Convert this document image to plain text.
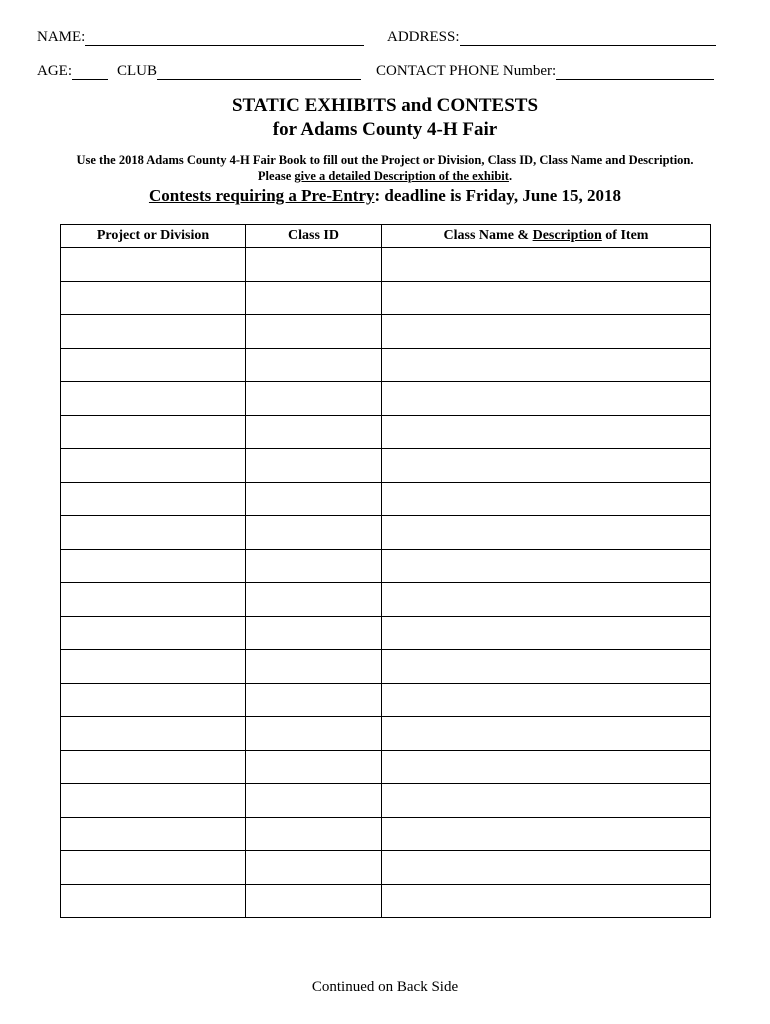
NAME:	ADDRESS:
AGE:	CLUB	CONTACT PHONE Number:
STATIC EXHIBITS and CONTESTS
for Adams County 4-H Fair
Use the 2018 Adams County 4-H Fair Book to fill out the Project or Division, Class ID, Class Name and Description.
Please give a detailed Description of the exhibit.
Contests requiring a Pre-Entry: deadline is Friday, June 15, 2018
Project or Division	Class ID	Class Name & Description of Item

Continued on Back Side
